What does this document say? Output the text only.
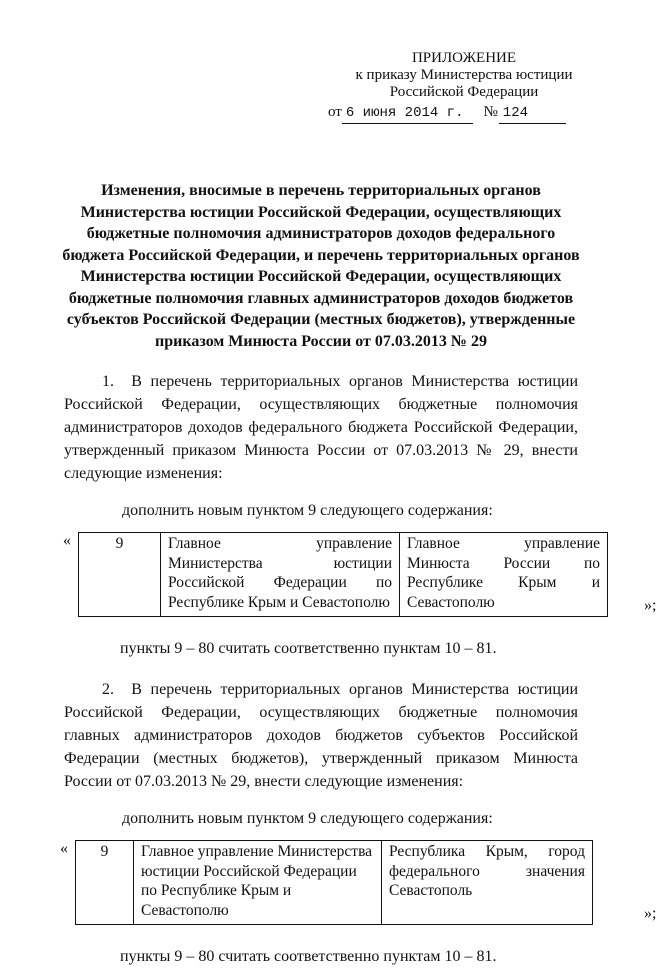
ПРИЛОЖЕНИЕ
к приказу Министерства юстиции
Российской Федерации
от 6 июня 2014 г.	№ 124
Изменения, вносимые в перечень территориальных органов Министерства юстиции Российской Федерации, осуществляющих бюджетные полномочия администраторов доходов федерального бюджета Российской Федерации, и перечень территориальных органов Министерства юстиции Российской Федерации, осуществляющих бюджетные полномочия главных администраторов доходов бюджетов субъектов Российской Федерации (местных бюджетов), утвержденные приказом Минюста России от 07.03.2013 № 29

1.  В перечень территориальных органов Министерства юстиции Российской Федерации, осуществляющих бюджетные полномочия администраторов доходов федерального бюджета Российской Федерации, утвержденный приказом Минюста России от 07.03.2013 № 29, внести следующие изменения:

дополнить новым пунктом 9 следующего содержания:

«	9	Главное управление Министерства юстиции Российской Федерации по Республике Крым и Севастополю	Главное управление Минюста России по Республике Крым и Севастополю	»;

пункты 9 – 80 считать соответственно пунктам 10 – 81.

2.  В перечень территориальных органов Министерства юстиции Российской Федерации, осуществляющих бюджетные полномочия главных администраторов доходов бюджетов субъектов Российской Федерации (местных бюджетов), утвержденный приказом Минюста России от 07.03.2013 № 29, внести следующие изменения:

дополнить новым пунктом 9 следующего содержания:

« 9	Главное управление Министерства юстиции Российской Федерации по Республике Крым и Севастополю	Республика Крым, город федерального значения Севастополь
»;

пункты 9 – 80 считать соответственно пунктам 10 – 81.
